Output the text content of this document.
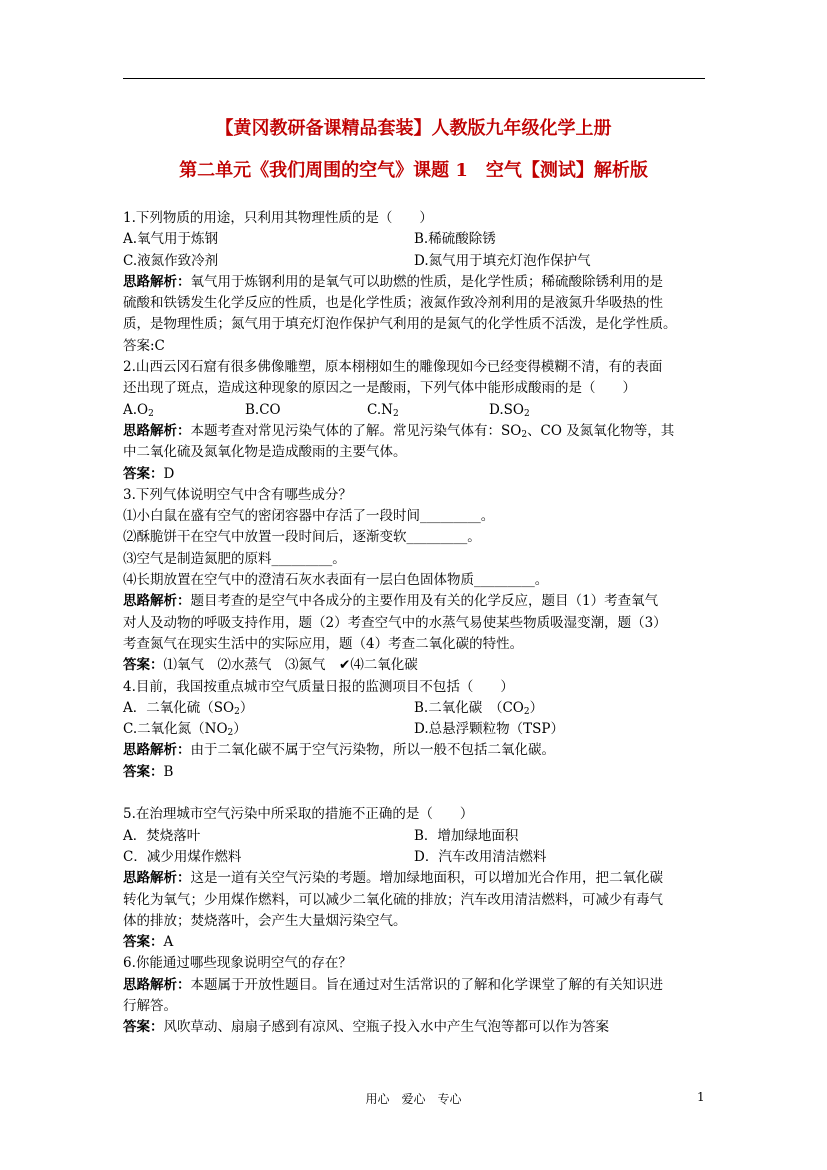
【黄冈教研备课精品套装】人教版九年级化学上册
第二单元《我们周围的空气》课题 1　空气【测试】解析版
1.下列物质的用途，只利用其物理性质的是（　　）
A.氧气用于炼钢	B.稀硫酸除锈
C.液氮作致冷剂	D.氮气用于填充灯泡作保护气
思路解析：氧气用于炼钢利用的是氧气可以助燃的性质，是化学性质；稀硫酸除锈利用的是
硫酸和铁锈发生化学反应的性质，也是化学性质；液氮作致冷剂利用的是液氮升华吸热的性
质，是物理性质；氮气用于填充灯泡作保护气利用的是氮气的化学性质不活泼，是化学性质。
答案:C
2.山西云冈石窟有很多佛像雕塑，原本栩栩如生的雕像现如今已经变得模糊不清，有的表面
还出现了斑点，造成这种现象的原因之一是酸雨，下列气体中能形成酸雨的是（　　）
$A.O_2$	B.CO	$C.N_2$	$D.SO_2$
思路解析：本题考查对常见污染气体的了解。常见污染气体有：$SO_2$、CO 及氮氧化物等，其
中二氧化硫及氮氧化物是造成酸雨的主要气体。
答案：D
3.下列气体说明空气中含有哪些成分？
⑴小白鼠在盛有空气的密闭容器中存活了一段时间_________。
⑵酥脆饼干在空气中放置一段时间后，逐渐变软_________。
⑶空气是制造氮肥的原料_________。
⑷长期放置在空气中的澄清石灰水表面有一层白色固体物质_________。
思路解析：题目考查的是空气中各成分的主要作用及有关的化学反应，题目（1）考查氧气
对人及动物的呼吸支持作用，题（2）考查空气中的水蒸气易使某些物质吸湿变潮，题（3）
考查氮气在现实生活中的实际应用，题（4）考查二氧化碳的特性。
答案：⑴氧气　⑵水蒸气　⑶氮气　✔⑷二氧化碳
4.目前，我国按重点城市空气质量日报的监测项目不包括（　　）
A．二氧化硫$(SO_2)$	B.二氧化碳　$(CO_2)$
C.二氧化氮$(NO_2)$	D.总悬浮颗粒物（TSP）
思路解析：由于二氧化碳不属于空气污染物，所以一般不包括二氧化碳。
答案：B
5.在治理城市空气污染中所采取的措施不正确的是（　　）
A．焚烧落叶	B．增加绿地面积
C．减少用煤作燃料	D．汽车改用清洁燃料
思路解析：这是一道有关空气污染的考题。增加绿地面积，可以增加光合作用，把二氧化碳
转化为氧气；少用煤作燃料，可以减少二氧化硫的排放；汽车改用清洁燃料，可减少有毒气
体的排放；焚烧落叶，会产生大量烟污染空气。
答案：A
6.你能通过哪些现象说明空气的存在？
思路解析：本题属于开放性题目。旨在通过对生活常识的了解和化学课堂了解的有关知识进
行解答。
答案：风吹草动、扇扇子感到有凉风、空瓶子投入水中产生气泡等都可以作为答案
用心　爱心　专心	1
